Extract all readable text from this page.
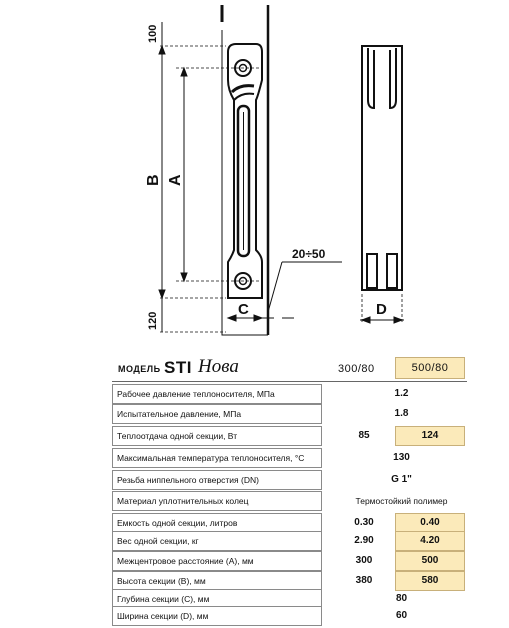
100
B A
120
C	D
20÷50
МОДЕЛЬ STI Нова	300/80	500/80
Рабочее давление теплоносителя, МПа	1.2
Испытательное давление, МПа	1.8
Теплоотдача одной секции, Вт	85	124
Максимальная температура теплоносителя, °C	130
Резьба ниппельного отверстия (DN)	G 1"
Материал уплотнительных колец	Термостойкий полимер
Емкость одной секции, литров	0.30	0.40
Вес одной секции, кг	2.90	4.20
Межцентровое расстояние (А), мм	300	500
Высота секции (В), мм	380	580
Глубина секции (С), мм	80
Ширина секции (D), мм	60
